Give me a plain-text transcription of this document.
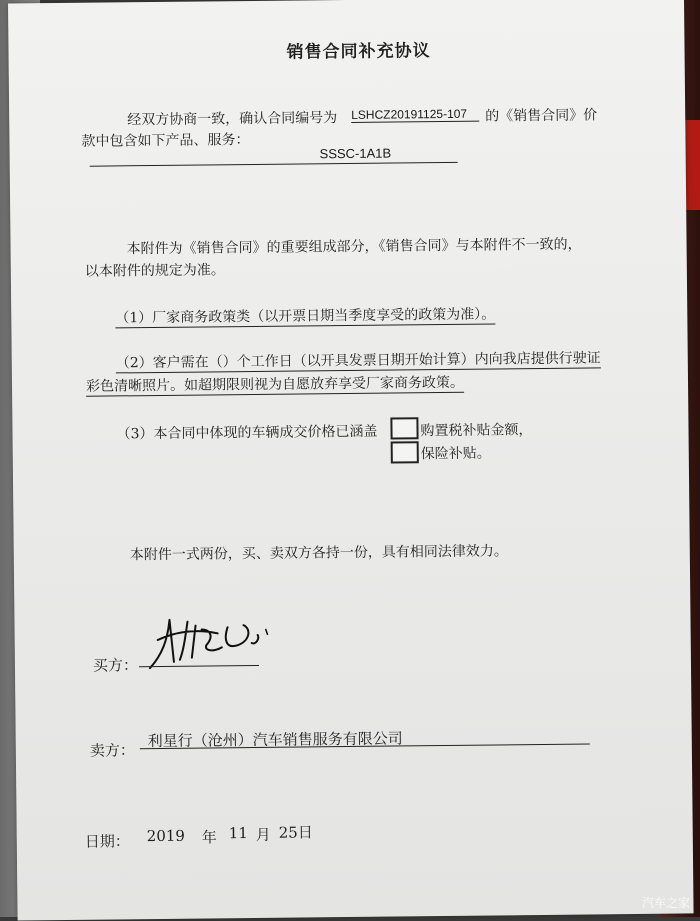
销售合同补充协议
经双方协商一致，确认合同编号为 LSHCZ20191125-107	的《销售合同》价
款中包含如下产品、服务：
SSSC-1A1B
本附件为《销售合同》的重要组成部分，《销售合同》与本附件不一致的，
以本附件的规定为准。
（1）厂家商务政策类（以开票日期当季度享受的政策为准）。
（2）客户需在（）个工作日（以开具发票日期开始计算）内向我店提供行驶证
彩色清晰照片。如超期限则视为自愿放弃享受厂家商务政策。
（3）本合同中体现的车辆成交价格已涵盖	购置税补贴金额，
保险补贴。
本附件一式两份，买、卖双方各持一份，具有相同法律效力。
买方：
卖方：
利星行（沧州）汽车销售服务有限公司
日期： 2019 年 11 月 25日
汽车之家
